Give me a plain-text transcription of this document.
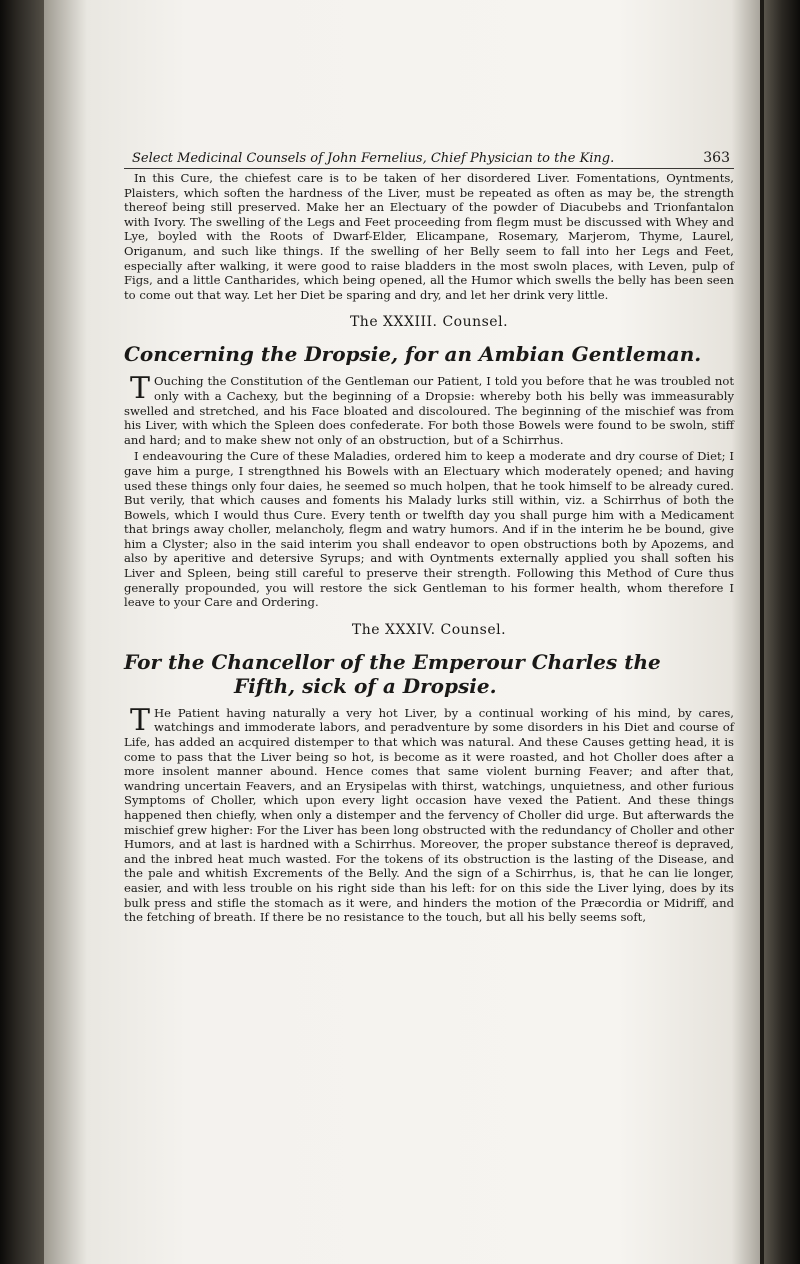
Select Medicinal Counsels of John Fernelius, Chief Physician to the King.	363

In this Cure, the chiefest care is to be taken of her disordered Liver. Fomentations, Oyntments, Plaisters, which soften the hardness of the Liver, must be repeated as often as may be, the strength thereof being still preserved. Make her an Electuary of the powder of Diacubebs and Trionfantalon with Ivory. The swelling of the Legs and Feet proceeding from flegm must be discussed with Whey and Lye, boyled with the Roots of Dwarf-Elder, Elicampane, Rosemary, Marjerom, Thyme, Laurel, Origanum, and such like things. If the swelling of her Belly seem to fall into her Legs and Feet, especially after walking, it were good to raise bladders in the most swoln places, with Leven, pulp of Figs, and a little Cantharides, which being opened, all the Humor which swells the belly has been seen to come out that way. Let her Diet be sparing and dry, and let her drink very little.

The XXXIII. Counsel.
Concerning the Dropsie, for an Ambian Gentleman.

T Ouching the Constitution of the Gentleman our Patient, I told you before that he was troubled not only with a Cachexy, but the beginning of a Dropsie: whereby both his belly was immeasurably swelled and stretched, and his Face bloated and discoloured. The beginning of the mischief was from his Liver, with which the Spleen does confederate. For both those Bowels were found to be swoln, stiff and hard; and to make shew not only of an obstruction, but of a Schirrhus.

I endeavouring the Cure of these Maladies, ordered him to keep a moderate and dry course of Diet; I gave him a purge, I strengthned his Bowels with an Electuary which moderately opened; and having used these things only four daies, he seemed so much holpen, that he took himself to be already cured. But verily, that which causes and foments his Malady lurks still within, viz. a Schirrhus of both the Bowels, which I would thus Cure. Every tenth or twelfth day you shall purge him with a Medicament that brings away choller, melancholy, flegm and watry humors. And if in the interim he be bound, give him a Clyster; also in the said interim you shall endeavor to open obstructions both by Apozems, and also by aperitive and detersive Syrups; and with Oyntments externally applied you shall soften his Liver and Spleen, being still careful to preserve their strength. Following this Method of Cure thus generally propounded, you will restore the sick Gentleman to his former health, whom therefore I leave to your Care and Ordering.

The XXXIV. Counsel.
For the Chancellor of the Emperour Charles the
Fifth, sick of a Dropsie.

T He Patient having naturally a very hot Liver, by a continual working of his mind, by cares, watchings and immoderate labors, and peradventure by some disorders in his Diet and course of Life, has added an acquired distemper to that which was natural. And these Causes getting head, it is come to pass that the Liver being so hot, is become as it were roasted, and hot Choller does after a more insolent manner abound. Hence comes that same violent burning Feaver; and after that, wandring uncertain Feavers, and an Erysipelas with thirst, watchings, unquietness, and other furious Symptoms of Choller, which upon every light occasion have vexed the Patient. And these things happened then chiefly, when only a distemper and the fervency of Choller did urge. But afterwards the mischief grew higher: For the Liver has been long obstructed with the redundancy of Choller and other Humors, and at last is hardned with a Schirrhus. Moreover, the proper substance thereof is depraved, and the inbred heat much wasted. For the tokens of its obstruction is the lasting of the Disease, and the pale and whitish Excrements of the Belly. And the sign of a Schirrhus, is, that he can lie longer, easier, and with less trouble on his right side than his left: for on this side the Liver lying, does by its bulk press and stifle the stomach as it were, and hinders the motion of the Præcordia or Midriff, and the fetching of breath. If there be no resistance to the touch, but all his belly seems soft,
